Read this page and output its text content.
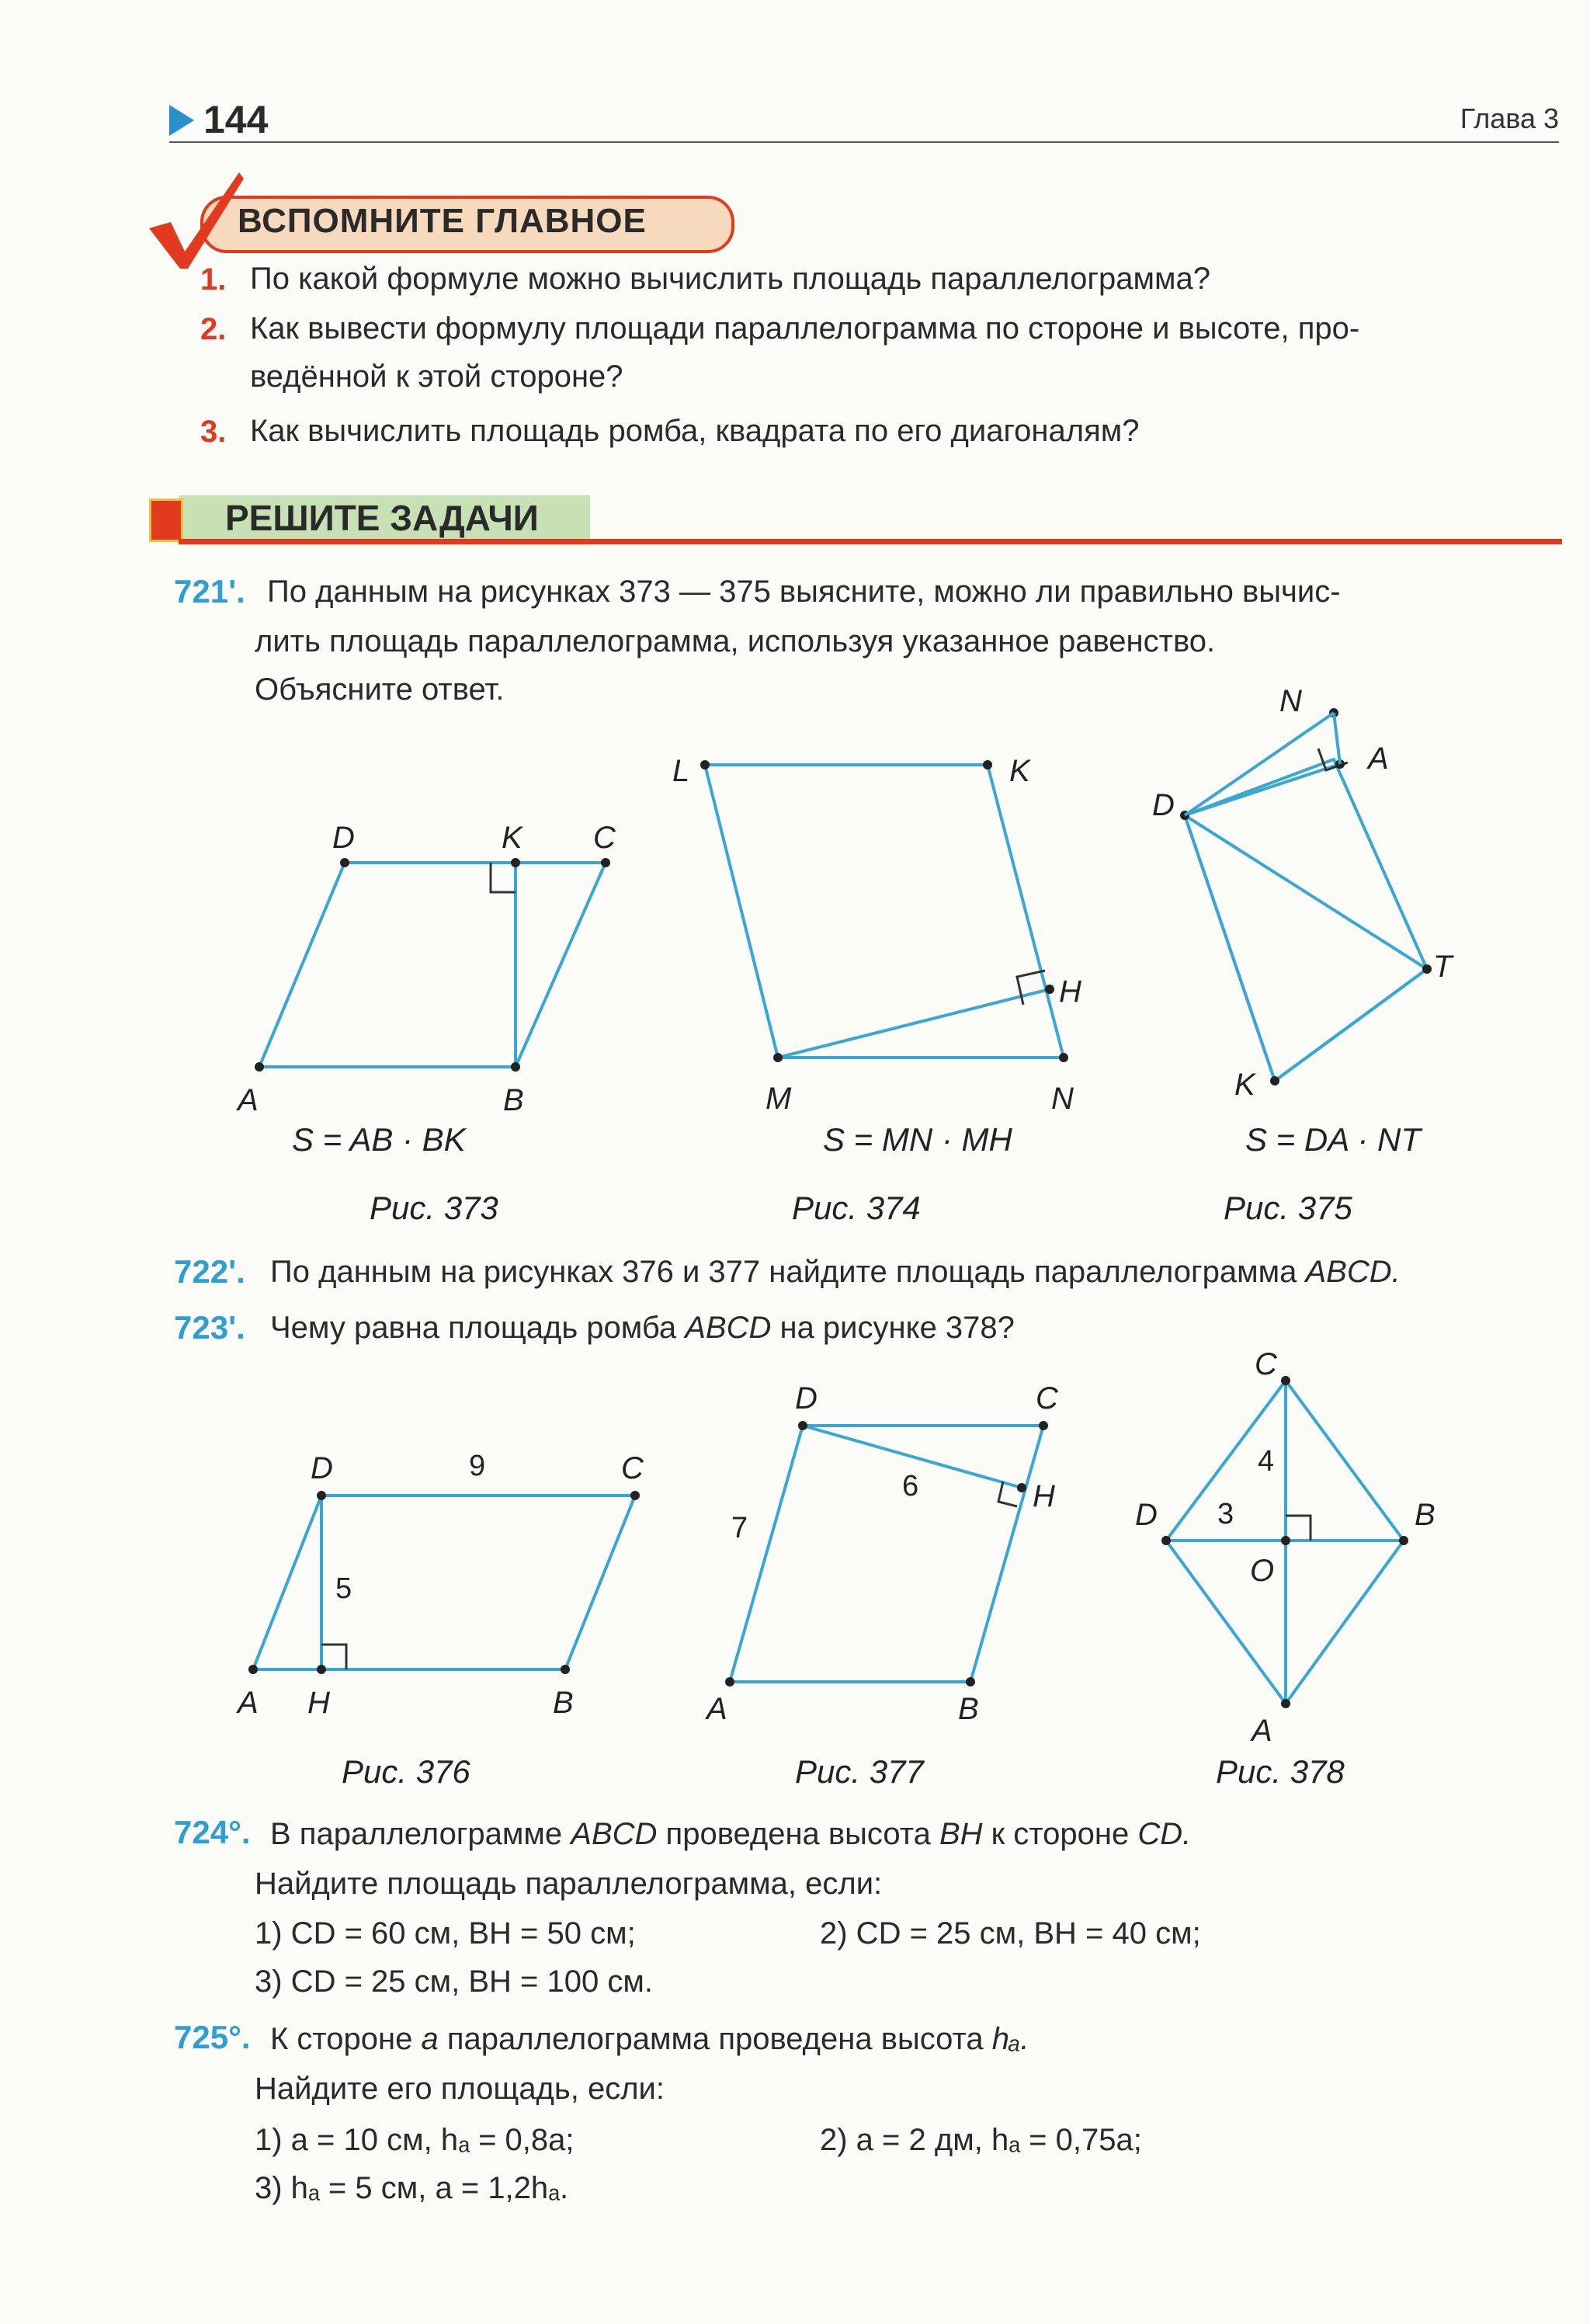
144	Глава 3
ВСПОМНИТЕ ГЛАВНОЕ
1. По какой формуле можно вычислить площадь параллелограмма?
2. Как вывести формулу площади параллелограмма по стороне и высоте, про-
ведённой к этой стороне?
3. Как вычислить площадь ромба, квадрата по его диагоналям?
РЕШИТЕ ЗАДАЧИ
721'. По данным на рисунках 373 — 375 выясните, можно ли правильно вычис-
лить площадь параллелограмма, используя указанное равенство.
Объясните ответ.
D	K C
A	B
L	K
H
M	N
N
A
D
T
K
S = AB · BK	S = MN · MH	S = DA · NT
Рис. 373	Рис. 374	Рис. 375
722'. По данным на рисунках 376 и 377 найдите площадь параллелограмма ABCD.
723'. Чему равна площадь ромба ABCD на рисунке 378?
D	C
A H	B
D	C
H
A	B
C
D	B
O
A
9
5
6
7
4
3
Рис. 376	Рис. 377	Рис. 378
724°. В параллелограмме ABCD проведена высота BH к стороне CD.
Найдите площадь параллелограмма, если:
1) CD = 60 см, BH = 50 см;	2) CD = 25 см, BH = 40 см;
3) CD = 25 см, BH = 100 см.
725°. К стороне a параллелограмма проведена высота hₐ.
Найдите его площадь, если:
1) a = 10 см, hₐ = 0,8a;	2) a = 2 дм, hₐ = 0,75a;
3) hₐ = 5 см, a = 1,2hₐ.
